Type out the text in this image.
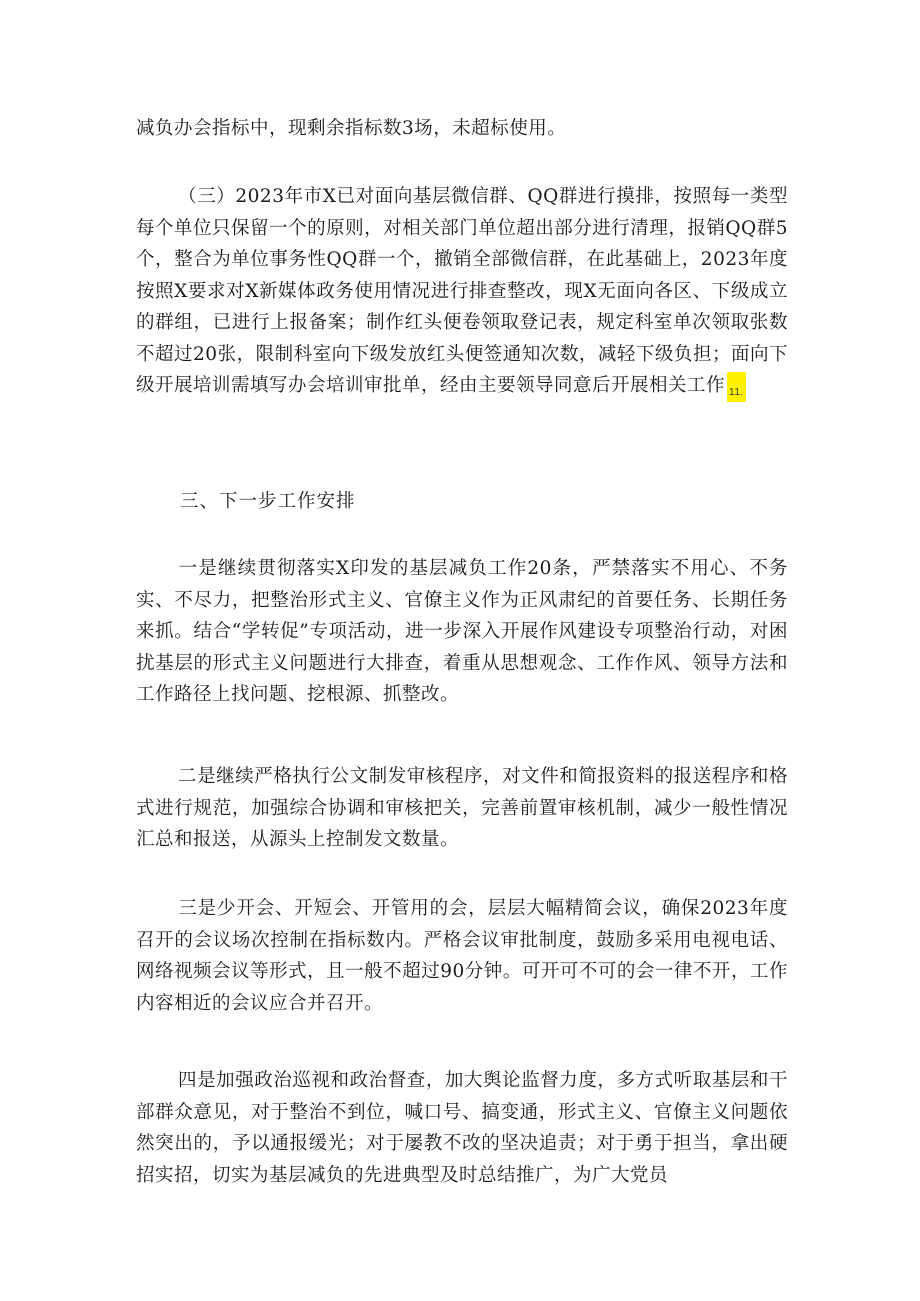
减负办会指标中，现剩余指标数3场，未超标使用。

（三）2023年市X已对面向基层微信群、QQ群进行摸排，按照每一类型每个单位只保留一个的原则，对相关部门单位超出部分进行清理，报销QQ群5个，整合为单位事务性QQ群一个，撤销全部微信群，在此基础上，2023年度按照X要求对X新媒体政务使用情况进行排查整改，现X无面向各区、下级成立的群组，已进行上报备案；制作红头便卷领取登记表，规定科室单次领取张数不超过20张，限制科室向下级发放红头便签通知次数，减轻下级负担；面向下级开展培训需填写办会培训审批单，经由主要领导同意后开展相关工作 11.

三、下一步工作安排

一是继续贯彻落实X印发的基层减负工作20条，严禁落实不用心、不务实、不尽力，把整治形式主义、官僚主义作为正风肃纪的首要任务、长期任务来抓。结合“学转促”专项活动，进一步深入开展作风建设专项整治行动，对困扰基层的形式主义问题进行大排查，着重从思想观念、工作作风、领导方法和工作路径上找问题、挖根源、抓整改。

二是继续严格执行公文制发审核程序，对文件和简报资料的报送程序和格式进行规范，加强综合协调和审核把关，完善前置审核机制，减少一般性情况汇总和报送，从源头上控制发文数量。

三是少开会、开短会、开管用的会，层层大幅精简会议，确保2023年度召开的会议场次控制在指标数内。严格会议审批制度，鼓励多采用电视电话、网络视频会议等形式，且一般不超过90分钟。可开可不可的会一律不开，工作内容相近的会议应合并召开。

四是加强政治巡视和政治督查，加大舆论监督力度，多方式听取基层和干部群众意见，对于整治不到位，喊口号、搞变通，形式主义、官僚主义问题依然突出的，予以通报缓光；对于屡教不改的坚决追责；对于勇于担当，拿出硬招实招，切实为基层减负的先进典型及时总结推广，为广大党员
